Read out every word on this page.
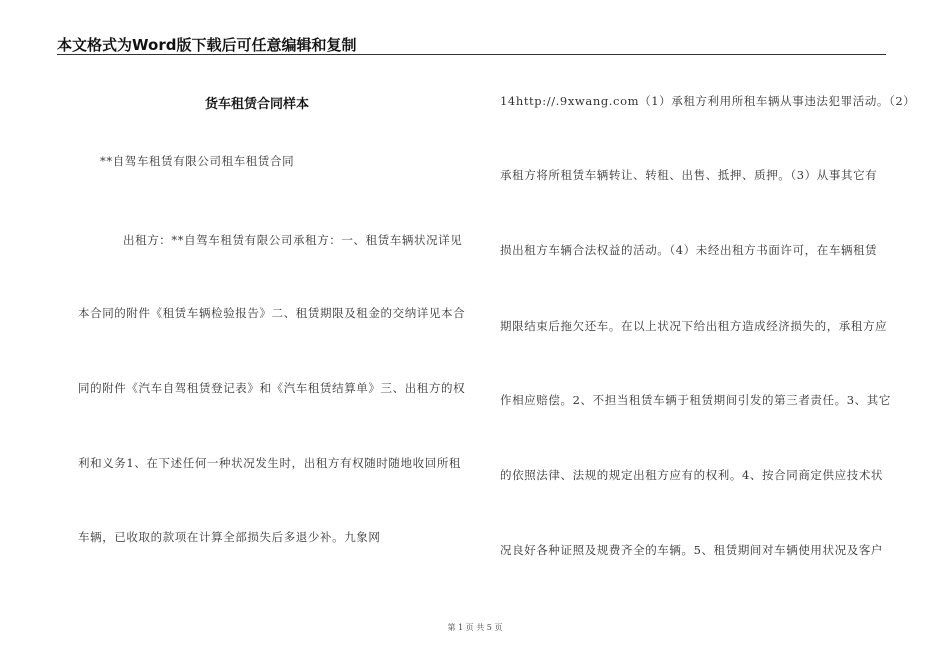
本文格式为Word版下载后可任意编辑和复制
货车租赁合同样本
**自驾车租赁有限公司租车租赁合同
出租方：**自驾车租赁有限公司承租方：一、租赁车辆状况详见
本合同的附件《租赁车辆检验报告》二、租赁期限及租金的交纳详见本合
同的附件《汽车自驾租赁登记表》和《汽车租赁结算单》三、出租方的权
利和义务1、在下述任何一种状况发生时，出租方有权随时随地收回所租
车辆，已收取的款项在计算全部损失后多退少补。九象网
14http://.9xwang.com（1）承租方利用所租车辆从事违法犯罪活动。（2）
承租方将所租赁车辆转让、转租、出售、抵押、质押。（3）从事其它有
损出租方车辆合法权益的活动。（4）未经出租方书面许可，在车辆租赁
期限结束后拖欠还车。在以上状况下给出租方造成经济损失的，承租方应
作相应赔偿。2、不担当租赁车辆于租赁期间引发的第三者责任。3、其它
的依照法律、法规的规定出租方应有的权利。4、按合同商定供应技术状
况良好各种证照及规费齐全的车辆。5、租赁期间对车辆使用状况及客户
第 1 页 共 5 页
